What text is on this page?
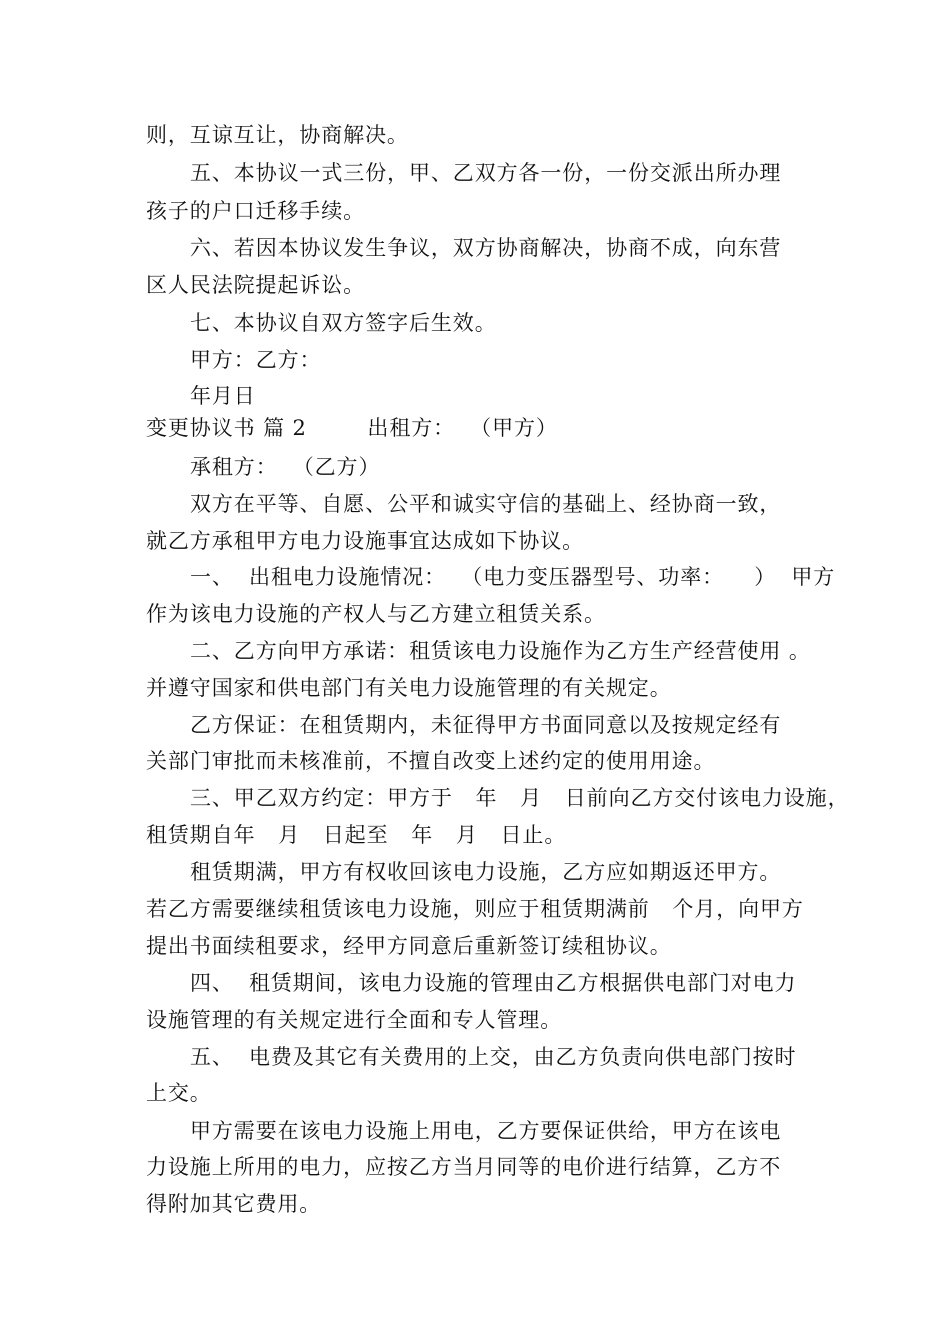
则，互谅互让，协商解决。
五、本协议一式三份，甲、乙双方各一份，一份交派出所办理
孩子的户口迁移手续。
六、若因本协议发生争议，双方协商解决，协商不成，向东营
区人民法院提起诉讼。
七、本协议自双方签字后生效。
甲方：乙方：
年月日
变更协议书 篇 2        出租方：  （甲方）
承租方：  （乙方）
双方在平等、自愿、公平和诚实守信的基础上、经协商一致，
就乙方承租甲方电力设施事宜达成如下协议。
一、  出租电力设施情况：  （电力变压器型号、功率：    ）  甲方
作为该电力设施的产权人与乙方建立租赁关系。
二、乙方向甲方承诺：租赁该电力设施作为乙方生产经营使用 。
并遵守国家和供电部门有关电力设施管理的有关规定。
乙方保证：在租赁期内，未征得甲方书面同意以及按规定经有
关部门审批而未核准前，不擅自改变上述约定的使用用途。
三、甲乙双方约定：甲方于   年   月   日前向乙方交付该电力设施，
租赁期自年   月   日起至   年   月   日止。
租赁期满，甲方有权收回该电力设施，乙方应如期返还甲方。
若乙方需要继续租赁该电力设施，则应于租赁期满前   个月，向甲方
提出书面续租要求，经甲方同意后重新签订续租协议。
四、  租赁期间，该电力设施的管理由乙方根据供电部门对电力
设施管理的有关规定进行全面和专人管理。
五、  电费及其它有关费用的上交，由乙方负责向供电部门按时
上交。
甲方需要在该电力设施上用电，乙方要保证供给，甲方在该电
力设施上所用的电力，应按乙方当月同等的电价进行结算，乙方不
得附加其它费用。
